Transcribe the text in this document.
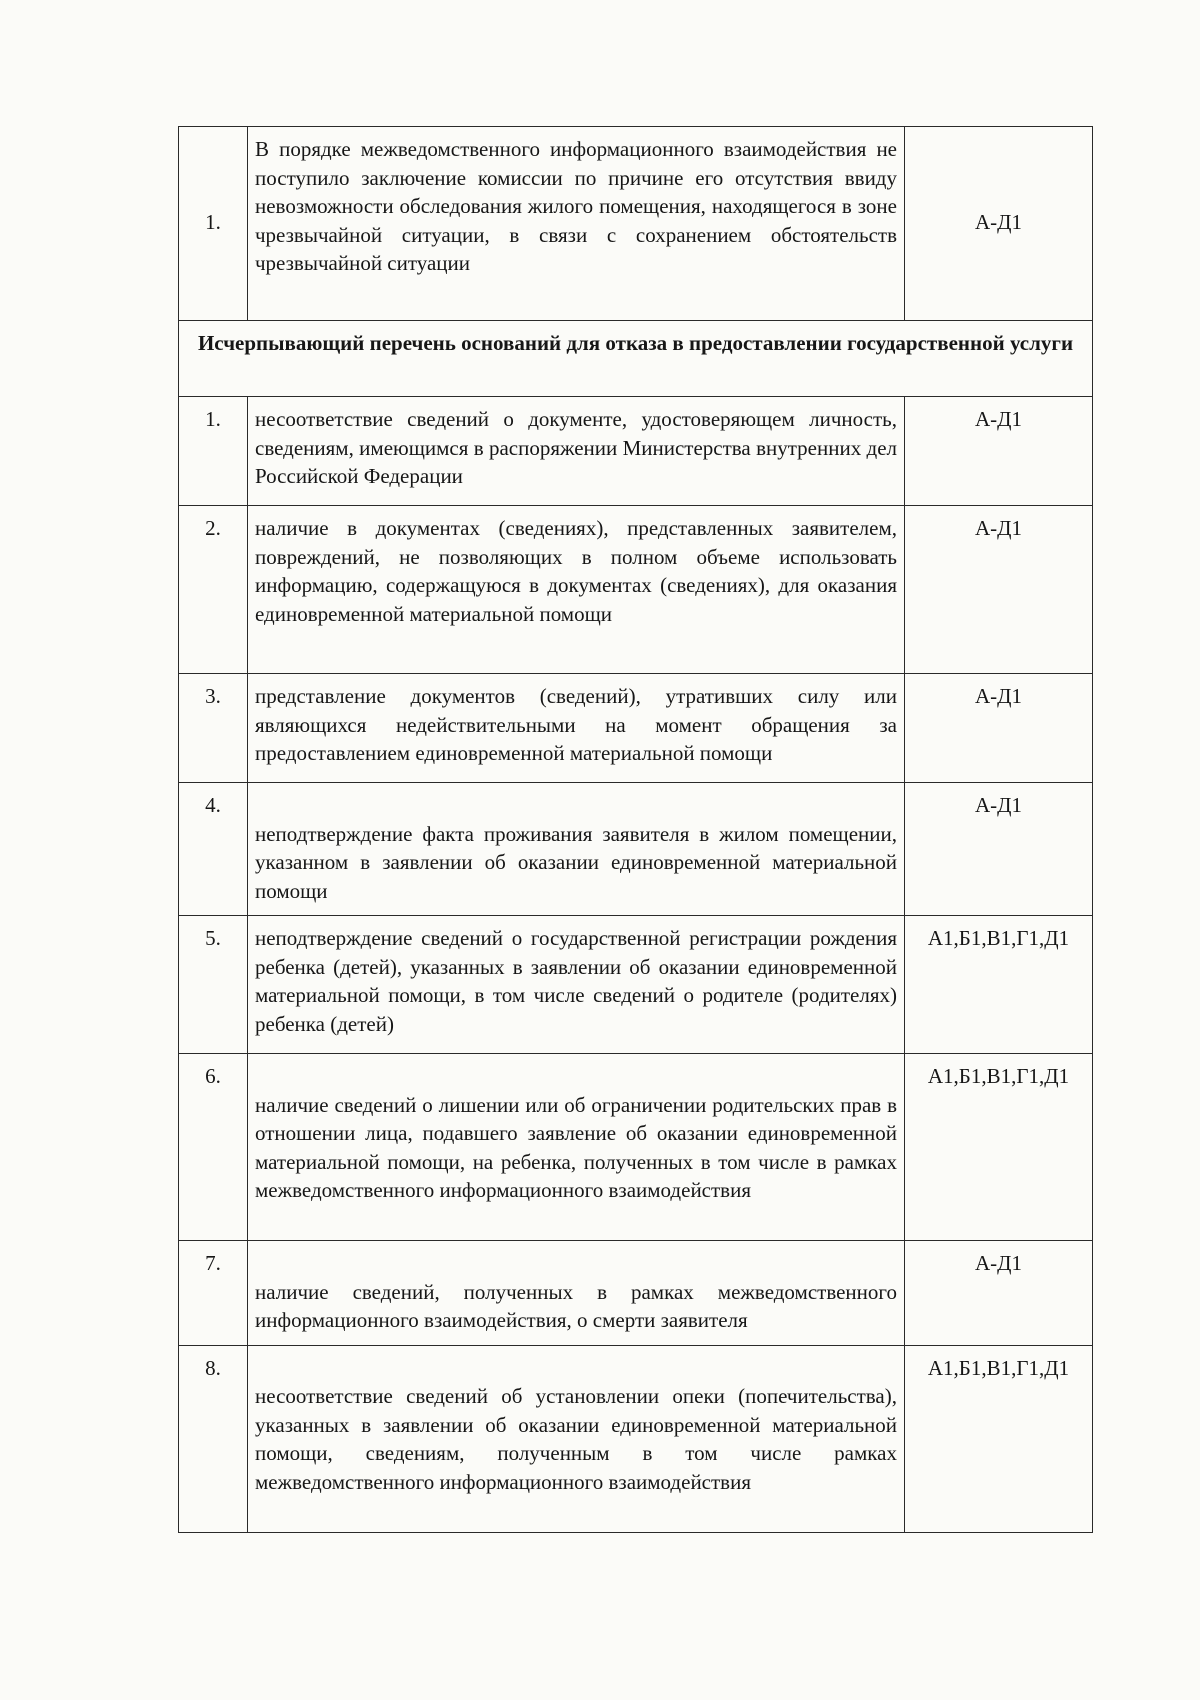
1.	В порядке межведомственного информационного взаимодействия не поступило заключение комиссии по причине его отсутствия ввиду невозможности обследования жилого помещения, находящегося в зоне чрезвычайной ситуации, в связи с сохранением обстоятельств чрезвычайной ситуации	А-Д1
Исчерпывающий перечень оснований для отказа в предоставлении государственной услуги		
1.	несоответствие сведений о документе, удостоверяющем личность, сведениям, имеющимся в распоряжении Министерства внутренних дел Российской Федерации	А-Д1
2.	наличие в документах (сведениях), представленных заявителем, повреждений, не позволяющих в полном объеме использовать информацию, содержащуюся в документах (сведениях), для оказания единовременной материальной помощи	А-Д1
3.	представление документов (сведений), утративших силу или являющихся недействительными на момент обращения за предоставлением единовременной материальной помощи	А-Д1
4.	неподтверждение факта проживания заявителя в жилом помещении, указанном в заявлении об оказании единовременной материальной помощи	А-Д1
5.	неподтверждение сведений о государственной регистрации рождения ребенка (детей), указанных в заявлении об оказании единовременной материальной помощи, в том числе сведений о родителе (родителях) ребенка (детей)	А1,Б1,В1,Г1,Д1
6.	наличие сведений о лишении или об ограничении родительских прав в отношении лица, подавшего заявление об оказании единовременной материальной помощи, на ребенка, полученных в том числе в рамках межведомственного информационного взаимодействия	А1,Б1,В1,Г1,Д1
7.	наличие сведений, полученных в рамках межведомственного информационного взаимодействия, о смерти заявителя	А-Д1
8.	несоответствие сведений об установлении опеки (попечительства), указанных в заявлении об оказании единовременной материальной помощи, сведениям, полученным в том числе рамках межведомственного информационного взаимодействия	А1,Б1,В1,Г1,Д1
